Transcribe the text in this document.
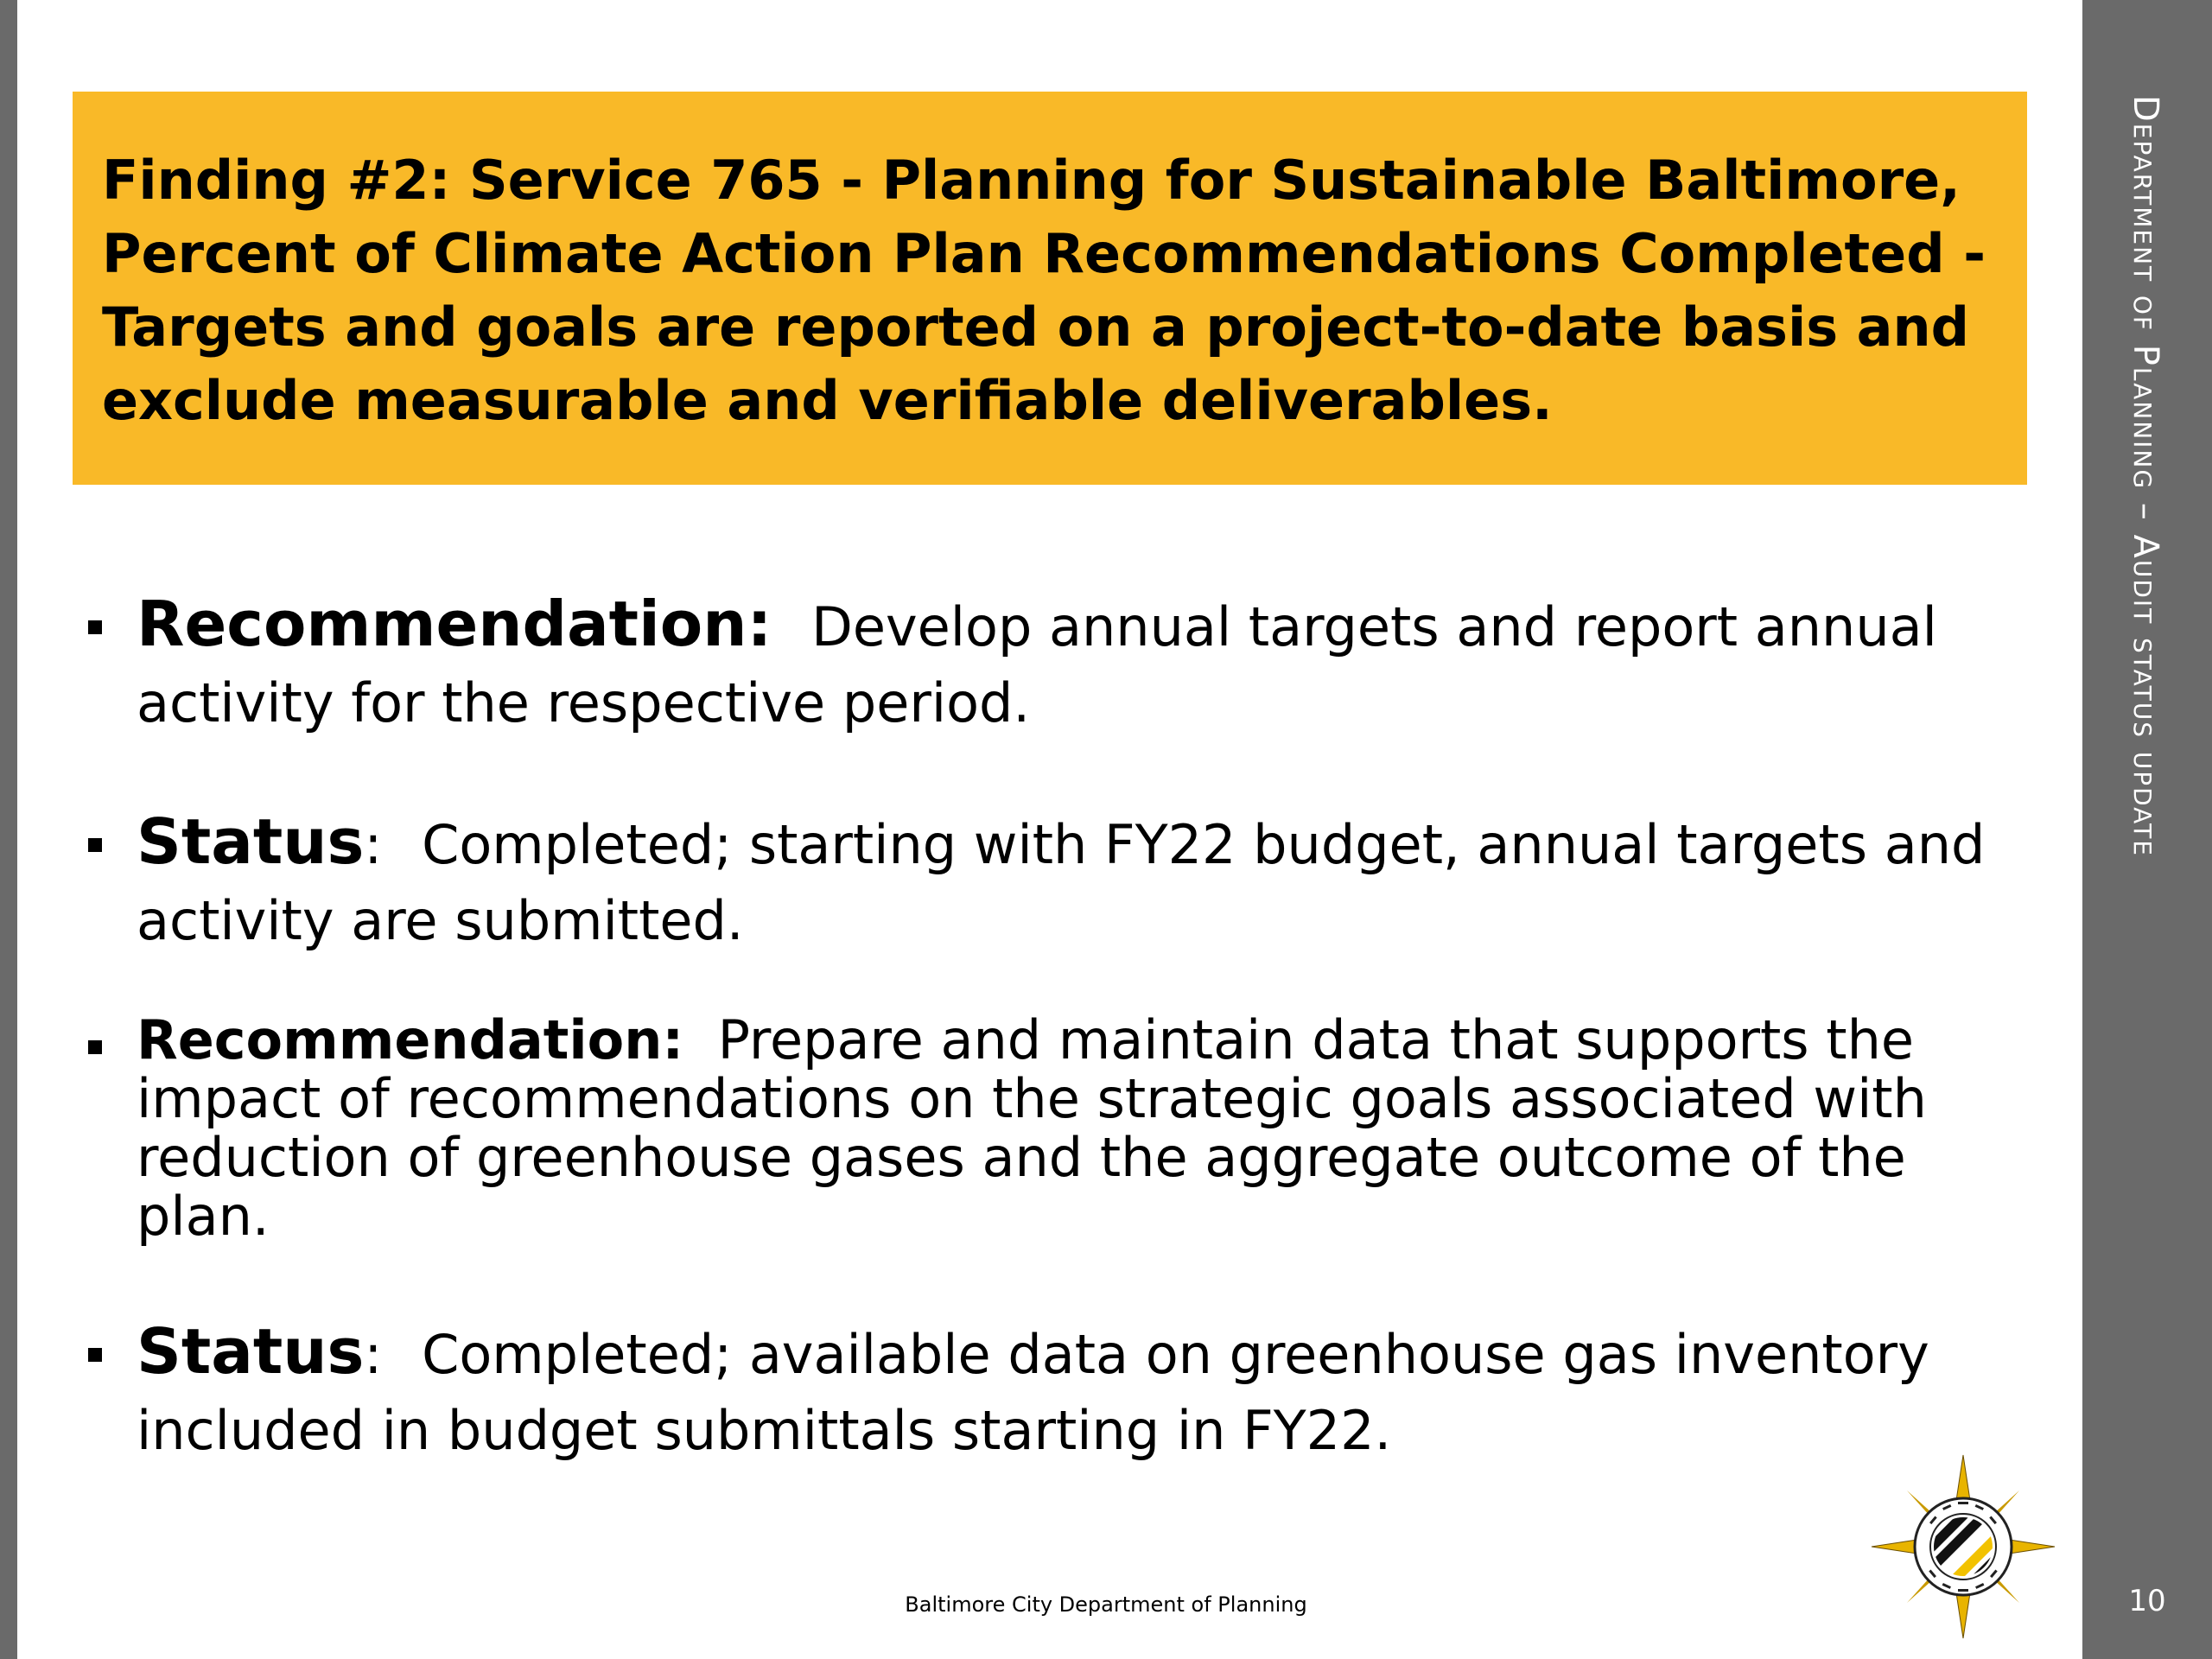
Finding #2: Service 765 - Planning for Sustainable Baltimore, Percent of Climate Action Plan Recommendations Completed - Targets and goals are reported on a project-to-date basis and exclude measurable and verifiable deliverables.

Recommendation: Develop annual targets and report annual activity for the respective period.
Status: Completed; starting with FY22 budget, annual targets and activity are submitted.
Recommendation: Prepare and maintain data that supports the impact of recommendations on the strategic goals associated with reduction of greenhouse gases and the aggregate outcome of the plan.
Status: Completed; available data on greenhouse gas inventory included in budget submittals starting in FY22.
Baltimore City Department of Planning
Department of Planning – Audit status update
10
